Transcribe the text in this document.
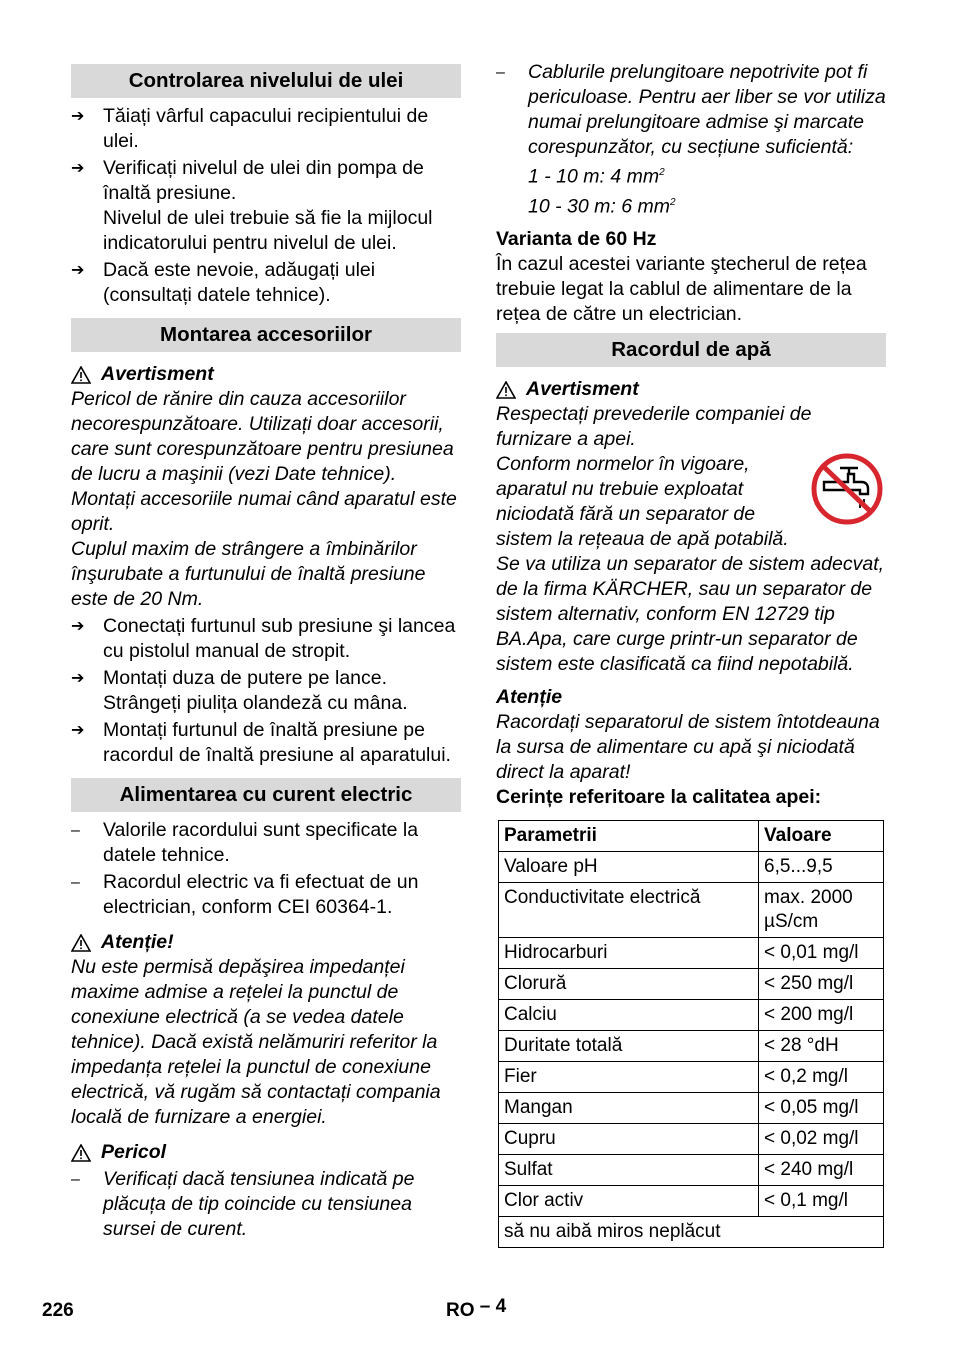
Controlarea nivelului de ulei
➔ Tăiați vârful capacului recipientului de ulei.
➔ Verificați nivelul de ulei din pompa de înaltă presiune.
Nivelul de ulei trebuie să fie la mijlocul indicatorului pentru nivelul de ulei.
➔ Dacă este nevoie, adăugați ulei (consultați datele tehnice).
Montarea accesoriilor
Avertisment

Pericol de rănire din cauza accesoriilor necorespunzătoare. Utilizați doar accesorii, care sunt corespunzătoare pentru presiunea de lucru a maşinii (vezi Date tehnice).

Montați accesoriile numai când aparatul este oprit.

Cuplul maxim de strângere a îmbinărilor înşurubate a furtunului de înaltă presiune este de 20 Nm.

➔ Conectați furtunul sub presiune şi lancea cu pistolul manual de stropit.
➔ Montați duza de putere pe lance. Strângeți piulița olandeză cu mâna.
➔ Montați furtunul de înaltă presiune pe racordul de înaltă presiune al aparatului.
Alimentarea cu curent electric
–	Valorile racordului sunt specificate la datele tehnice.
–	Racordul electric va fi efectuat de un electrician, conform CEI 60364-1.
Atenție!

Nu este permisă depăşirea impedanței maxime admise a rețelei la punctul de conexiune electrică (a se vedea datele tehnice). Dacă există nelămuriri referitor la impedanța rețelei la punctul de conexiune electrică, vă rugăm să contactați compania locală de furnizare a energiei.

Pericol
–	Verificați dacă tensiunea indicată pe plăcuța de tip coincide cu tensiunea sursei de curent.
–	Cablurile prelungitoare nepotrivite pot fi periculoase. Pentru aer liber se vor utiliza numai prelungitoare admise şi marcate corespunzător, cu secțiune suficientă:
1 - 10 m: 4 $mm^2$
10 - 30 m: 6 $mm^2$

Varianta de 60 Hz

În cazul acestei variante ştecherul de rețea trebuie legat la cablul de alimentare de la rețea de către un electrician.

Racordul de apă
Avertisment

Respectați prevederile companiei de furnizare a apei.

Conform normelor în vigoare, aparatul nu trebuie exploatat niciodată fără un separator de sistem la rețeaua de apă potabilă. Se va utiliza un separator de sistem adecvat, de la firma KÄRCHER, sau un separator de sistem alternativ, conform EN 12729 tip BA.Apa, care curge printr-un separator de sistem este clasificată ca fiind nepotabilă.

Atenție

Racordați separatorul de sistem întotdeauna la sursa de alimentare cu apă şi niciodată direct la aparat!

Cerințe referitoare la calitatea apei:

Parametrii	Valoare
Valoare pH	6,5...9,5
Conductivitate electrică	max. 2000 µS/cm
Hidrocarburi	< 0,01 mg/l
Clorură	< 250 mg/l
Calciu	< 200 mg/l
Duritate totală	< 28 °dH
Fier	< 0,2 mg/l
Mangan	< 0,05 mg/l
Cupru	< 0,02 mg/l
Sulfat	< 240 mg/l
Clor activ	< 0,1 mg/l
să nu aibă miros neplăcut	
226	RO – 4
